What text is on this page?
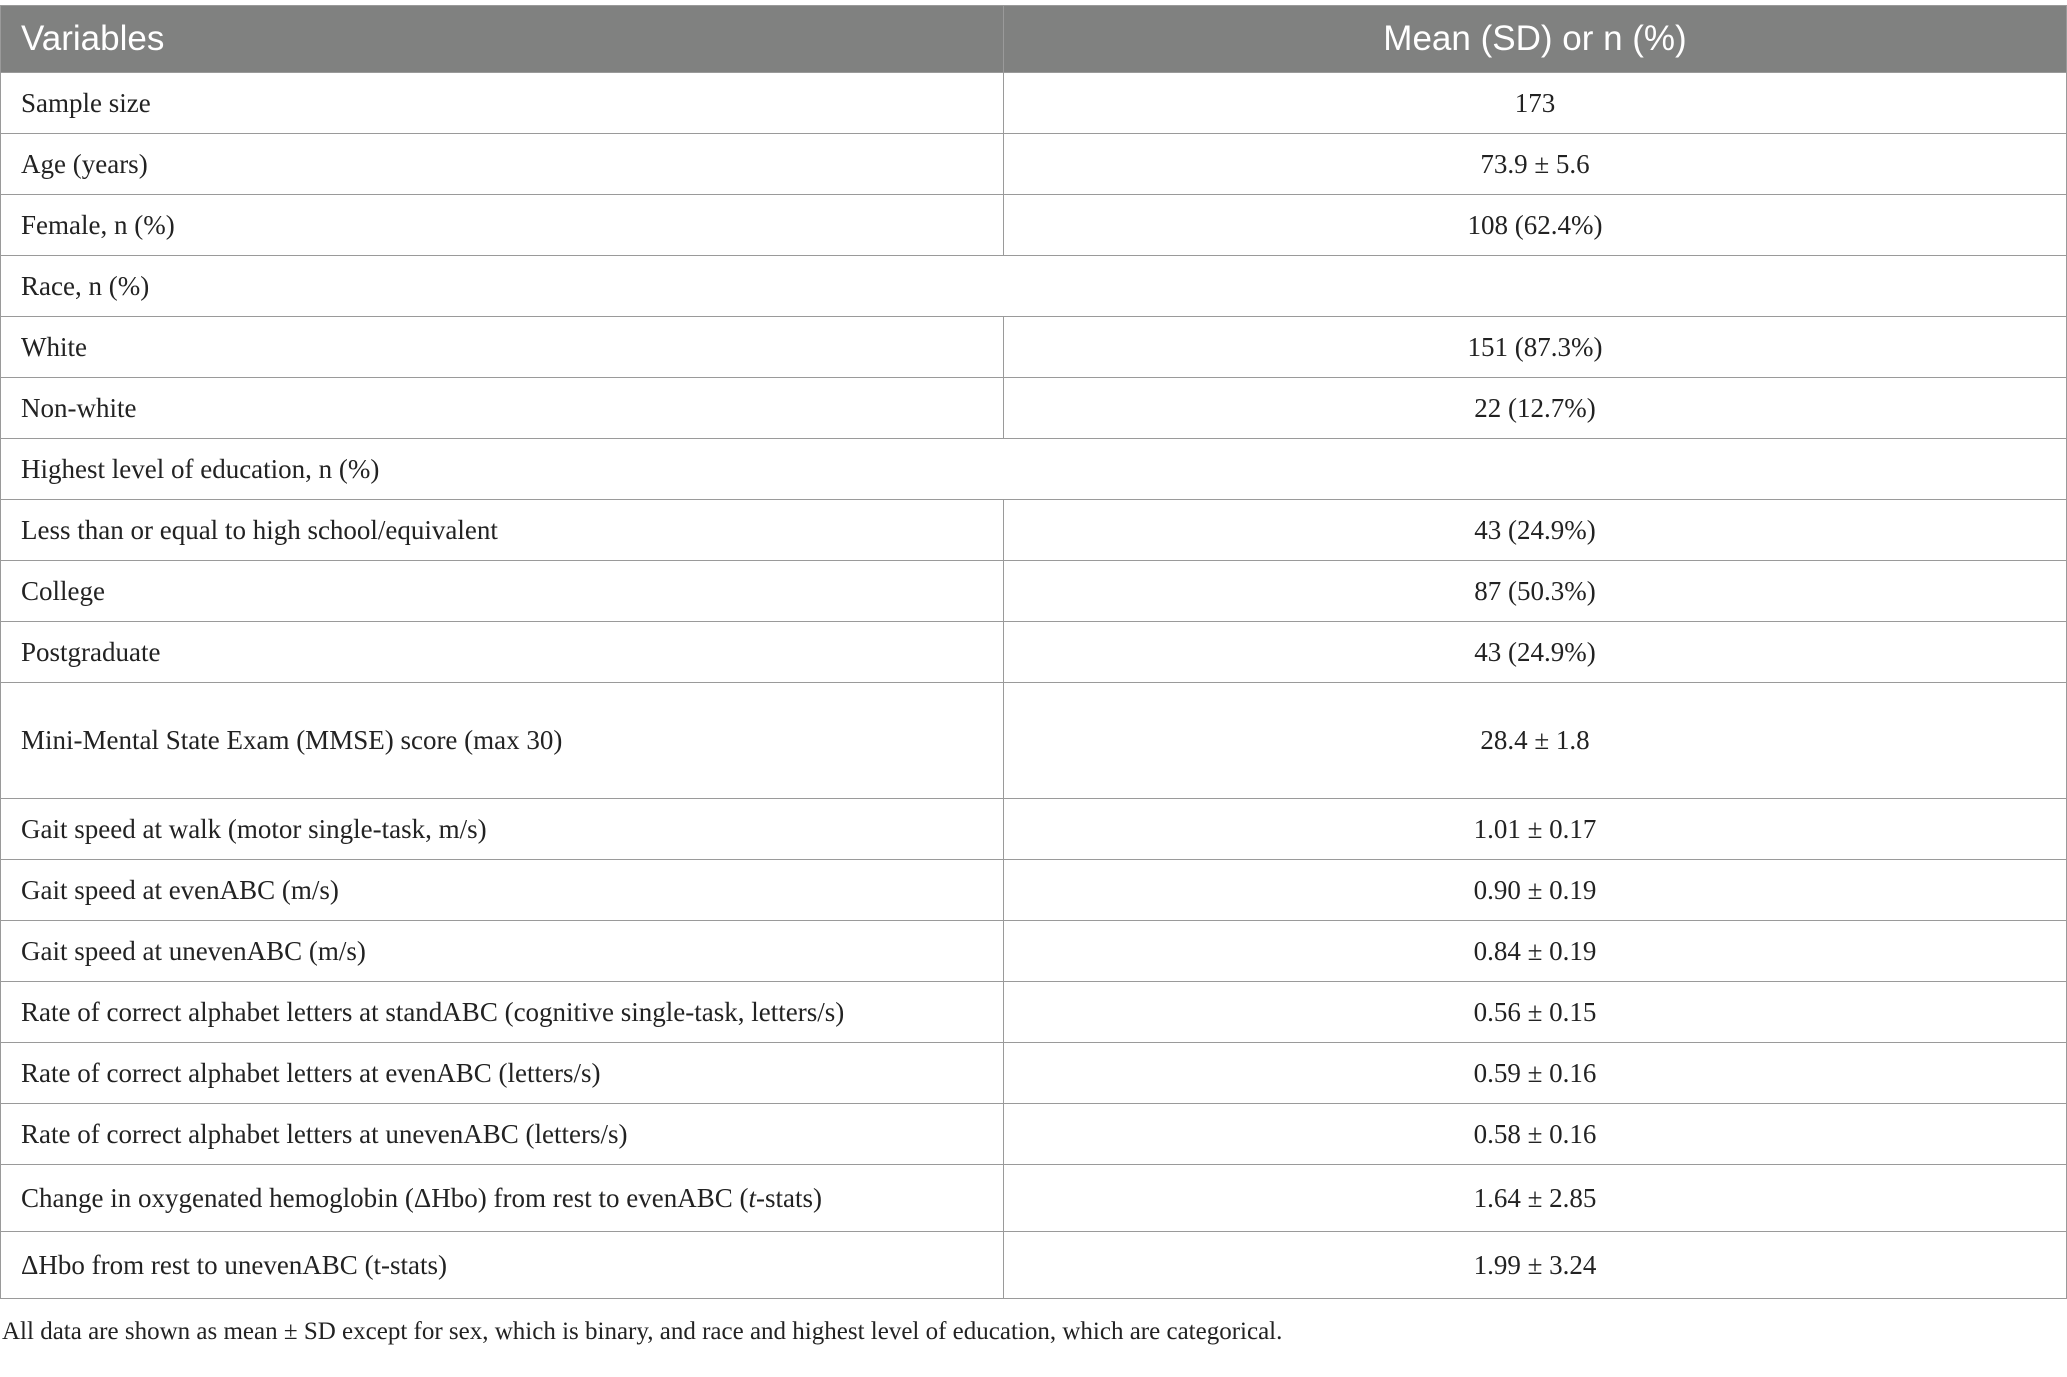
Variables	Mean (SD) or n (%)
Sample size	173
Age (years)	73.9 ± 5.6
Female, n (%)	108 (62.4%)
Race, n (%)	
White	151 (87.3%)
Non-white	22 (12.7%)
Highest level of education, n (%)	
Less than or equal to high school/equivalent	43 (24.9%)
College	87 (50.3%)
Postgraduate	43 (24.9%)
Mini-Mental State Exam (MMSE) score (max 30)	28.4 ± 1.8
Gait speed at walk (motor single-task, m/s)	1.01 ± 0.17
Gait speed at evenABC (m/s)	0.90 ± 0.19
Gait speed at unevenABC (m/s)	0.84 ± 0.19
Rate of correct alphabet letters at standABC (cognitive single-task, letters/s)	0.56 ± 0.15
Rate of correct alphabet letters at evenABC (letters/s)	0.59 ± 0.16
Rate of correct alphabet letters at unevenABC (letters/s)	0.58 ± 0.16
Change in oxygenated hemoglobin (ΔHbo) from rest to evenABC (t-stats)	1.64 ± 2.85
ΔHbo from rest to unevenABC (t-stats)	1.99 ± 3.24
All data are shown as mean ± SD except for sex, which is binary, and race and highest level of education, which are categorical.
